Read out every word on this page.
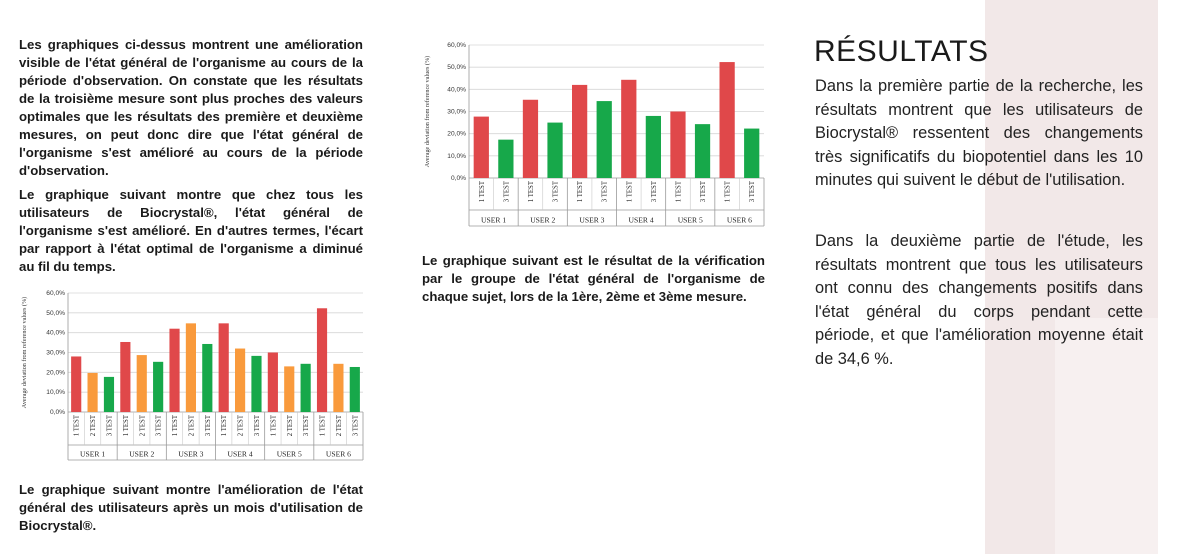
Les graphiques ci-dessus montrent une amélioration visible de l'état général de l'organisme au cours de la période d'observation. On constate que les résultats de la troisième mesure sont plus proches des valeurs optimales que les résultats des première et deuxième mesures, on peut donc dire que l'état général de l'organisme s'est amélioré au cours de la période d'observation.

Le graphique suivant montre que chez tous les utilisateurs de Biocrystal®, l'état général de l'organisme s'est amélioré. En d'autres termes, l'écart par rapport à l'état optimal de l'organisme a diminué au fil du temps.

Average deviation from reference values (%)
0,0%
10,0%
20,0%
30,0%
40,0%
50,0%
60,0%
1 TEST 2 TEST 3 TEST
USER 1
1 TEST 2 TEST 3 TEST
USER 2
1 TEST 2 TEST 3 TEST
USER 3
1 TEST 2 TEST 3 TEST
USER 4
1 TEST 2 TEST 3 TEST
USER 5
1 TEST 2 TEST 3 TEST
USER 6

Le graphique suivant montre l'amélioration de l'état général des utilisateurs après un mois d'utilisation de Biocrystal®.

Average deviation from reference values (%)
0,0%
10,0%
20,0%
30,0%
40,0%
50,0%
60,0%
1 TEST	3 TEST
USER 1
1 TEST	3 TEST
USER 2
1 TEST	3 TEST
USER 3
1 TEST	3 TEST
USER 4
1 TEST	3 TEST
USER 5
1 TEST	3 TEST
USER 6

Le graphique suivant est le résultat de la vérification par le groupe de l'état général de l'organisme de chaque sujet, lors de la 1ère, 2ème et 3ème mesure.

RÉSULTATS

Dans la première partie de la recherche, les résultats montrent que les utilisateurs de Biocrystal® ressentent des changements très significatifs du biopotentiel dans les 10 minutes qui suivent le début de l'utilisation.

Dans la deuxième partie de l'étude, les résultats montrent que tous les utilisateurs ont connu des changements positifs dans l'état général du corps pendant cette période, et que l'amélioration moyenne était de 34,6 %.
